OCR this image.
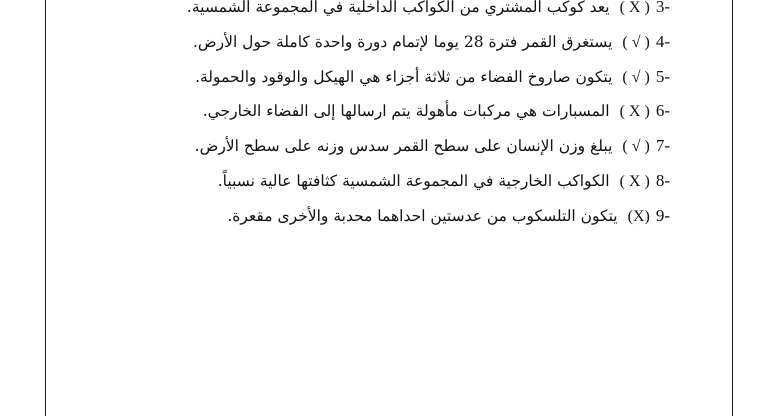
3-
( X )
يعد كوكب المشتري من الكواكب الداخلية في المجموعة الشمسية.
4-
( √ )
يستغرق القمر فترة 28 يوما لإتمام دورة واحدة كاملة حول الأرض.
5-
( √ )
يتكون صاروخ الفضاء من ثلاثة أجزاء هي الهيكل والوقود والحمولة.
6-
( X )
المسبارات هي مركبات مأهولة يتم ارسالها إلى الفضاء الخارجي.
7-
( √ )
يبلغ وزن الإنسان على سطح القمر سدس وزنه على سطح الأرض.
8-
( X )
الكواكب الخارجية في المجموعة الشمسية كثافتها عالية نسبياً.
9-
(X)
يتكون التلسكوب من عدستين احداهما محدبة والأخرى مقعرة.
